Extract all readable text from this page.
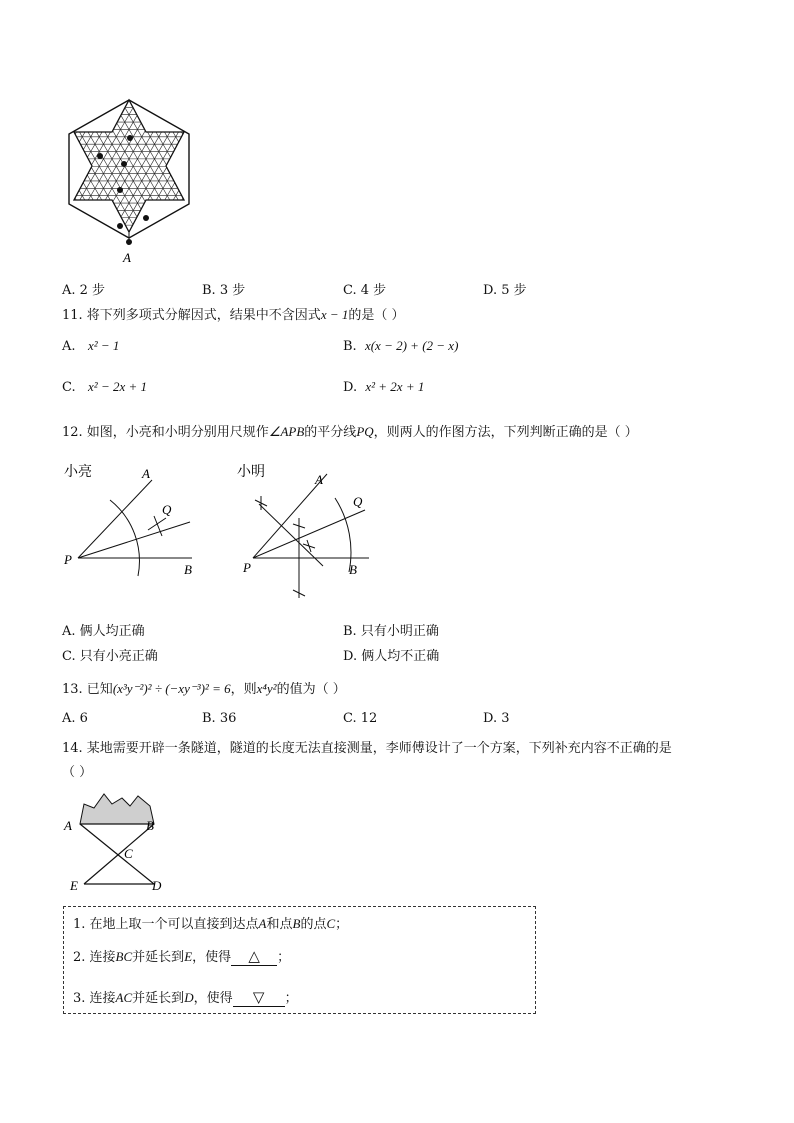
A
A. 2 步	B. 3 步	C. 4 步	D. 5 步
11. 将下列多项式分解因式，结果中不含因式x − 1的是（ ）
A. x² − 1	B. x(x − 2) + (2 − x)
C. x² − 2x + 1	D. x² + 2x + 1
12. 如图，小亮和小明分别用尺规作∠APB的平分线PQ，则两人的作图方法，下列判断正确的是（ ）
小亮	A
Q
P
B
小明	A
Q
P	B
A. 俩人均正确	B. 只有小明正确
C. 只有小亮正确	D. 俩人均不正确
13. 已知(x³y⁻²)² ÷ (−xy⁻³)² = 6，则x⁴y²的值为（ ）
A. 6	B. 36	C. 12	D. 3
14. 某地需要开辟一条隧道，隧道的长度无法直接测量，李师傅设计了一个方案，下列补充内容不正确的是
（ ）
A	B
C
E	D
1. 在地上取一个可以直接到达点A和点B的点C；
2. 连接BC并延长到E，使得 △ ；
3. 连接AC并延长到D，使得 ▽ ；
